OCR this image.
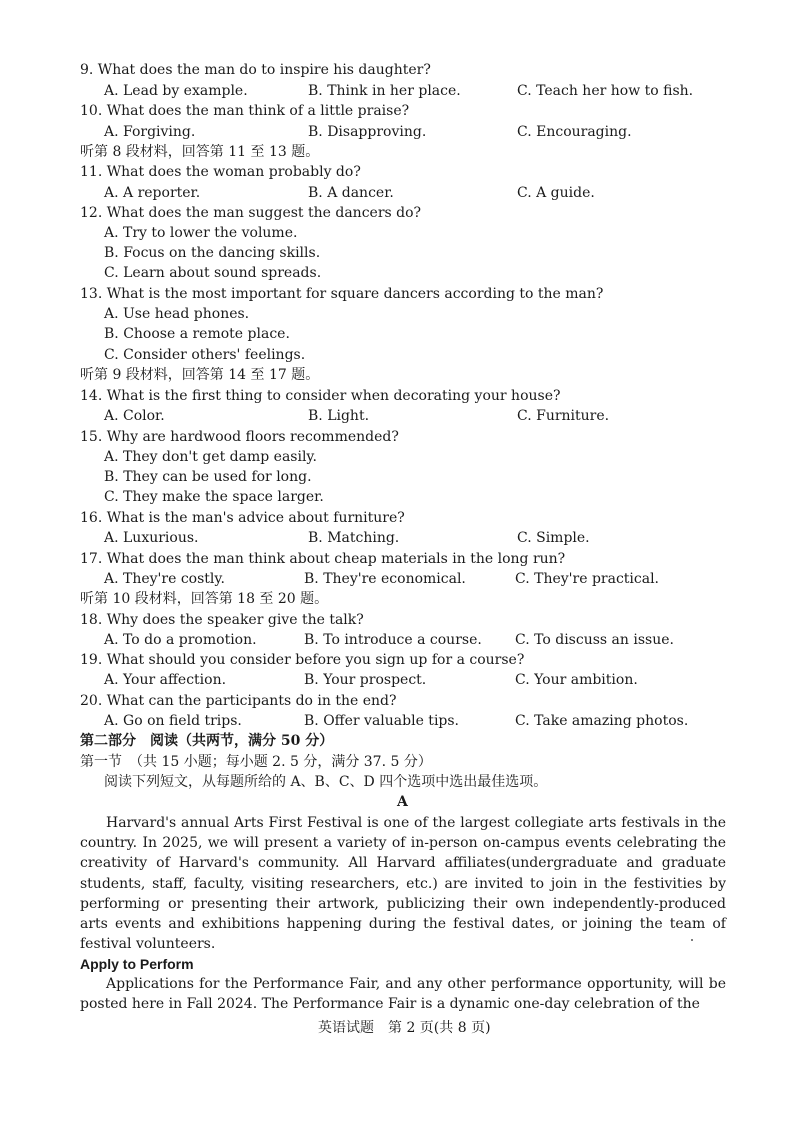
9. What does the man do to inspire his daughter?
A. Lead by example.	B. Think in her place.	C. Teach her how to fish.
10. What does the man think of a little praise?
A. Forgiving.	B. Disapproving.	C. Encouraging.
听第 8 段材料，回答第 11 至 13 题。
11. What does the woman probably do?
A. A reporter.	B. A dancer.	C. A guide.
12. What does the man suggest the dancers do?
A. Try to lower the volume.
B. Focus on the dancing skills.
C. Learn about sound spreads.
13. What is the most important for square dancers according to the man?
A. Use head phones.
B. Choose a remote place.
C. Consider others' feelings.
听第 9 段材料，回答第 14 至 17 题。
14. What is the first thing to consider when decorating your house?
A. Color.	B. Light.	C. Furniture.
15. Why are hardwood floors recommended?
A. They don't get damp easily.
B. They can be used for long.
C. They make the space larger.
16. What is the man's advice about furniture?
A. Luxurious.	B. Matching.	C. Simple.
17. What does the man think about cheap materials in the long run?
A. They're costly.	B. They're economical.	C. They're practical.
听第 10 段材料，回答第 18 至 20 题。
18. Why does the speaker give the talk?
A. To do a promotion.	B. To introduce a course. C. To discuss an issue.
19. What should you consider before you sign up for a course?
A. Your affection.	B. Your prospect.	C. Your ambition.
20. What can the participants do in the end?
A. Go on field trips.	B. Offer valuable tips.	C. Take amazing photos.
第二部分　阅读（共两节，满分 50 分）
第一节　（共 15 小题；每小题 2. 5 分，满分 37. 5 分）
阅读下列短文，从每题所给的 A、B、C、D 四个选项中选出最佳选项。
A
Harvard's annual Arts First Festival is one of the largest collegiate arts festivals in the country. In 2025, we will present a variety of in-person on-campus events celebrating the creativity of Harvard's community. All Harvard affiliates(undergraduate and graduate students, staff, faculty, visiting researchers, etc.) are invited to join in the festivities by performing or presenting their artwork, publicizing their own independently-produced arts events and exhibitions happening during the festival dates, or joining the team of festival volunteers.
Apply to Perform
Applications for the Performance Fair, and any other performance opportunity, will be posted here in Fall 2024. The Performance Fair is a dynamic one-day celebration of the
英语试题　第 2 页(共 8 页)
